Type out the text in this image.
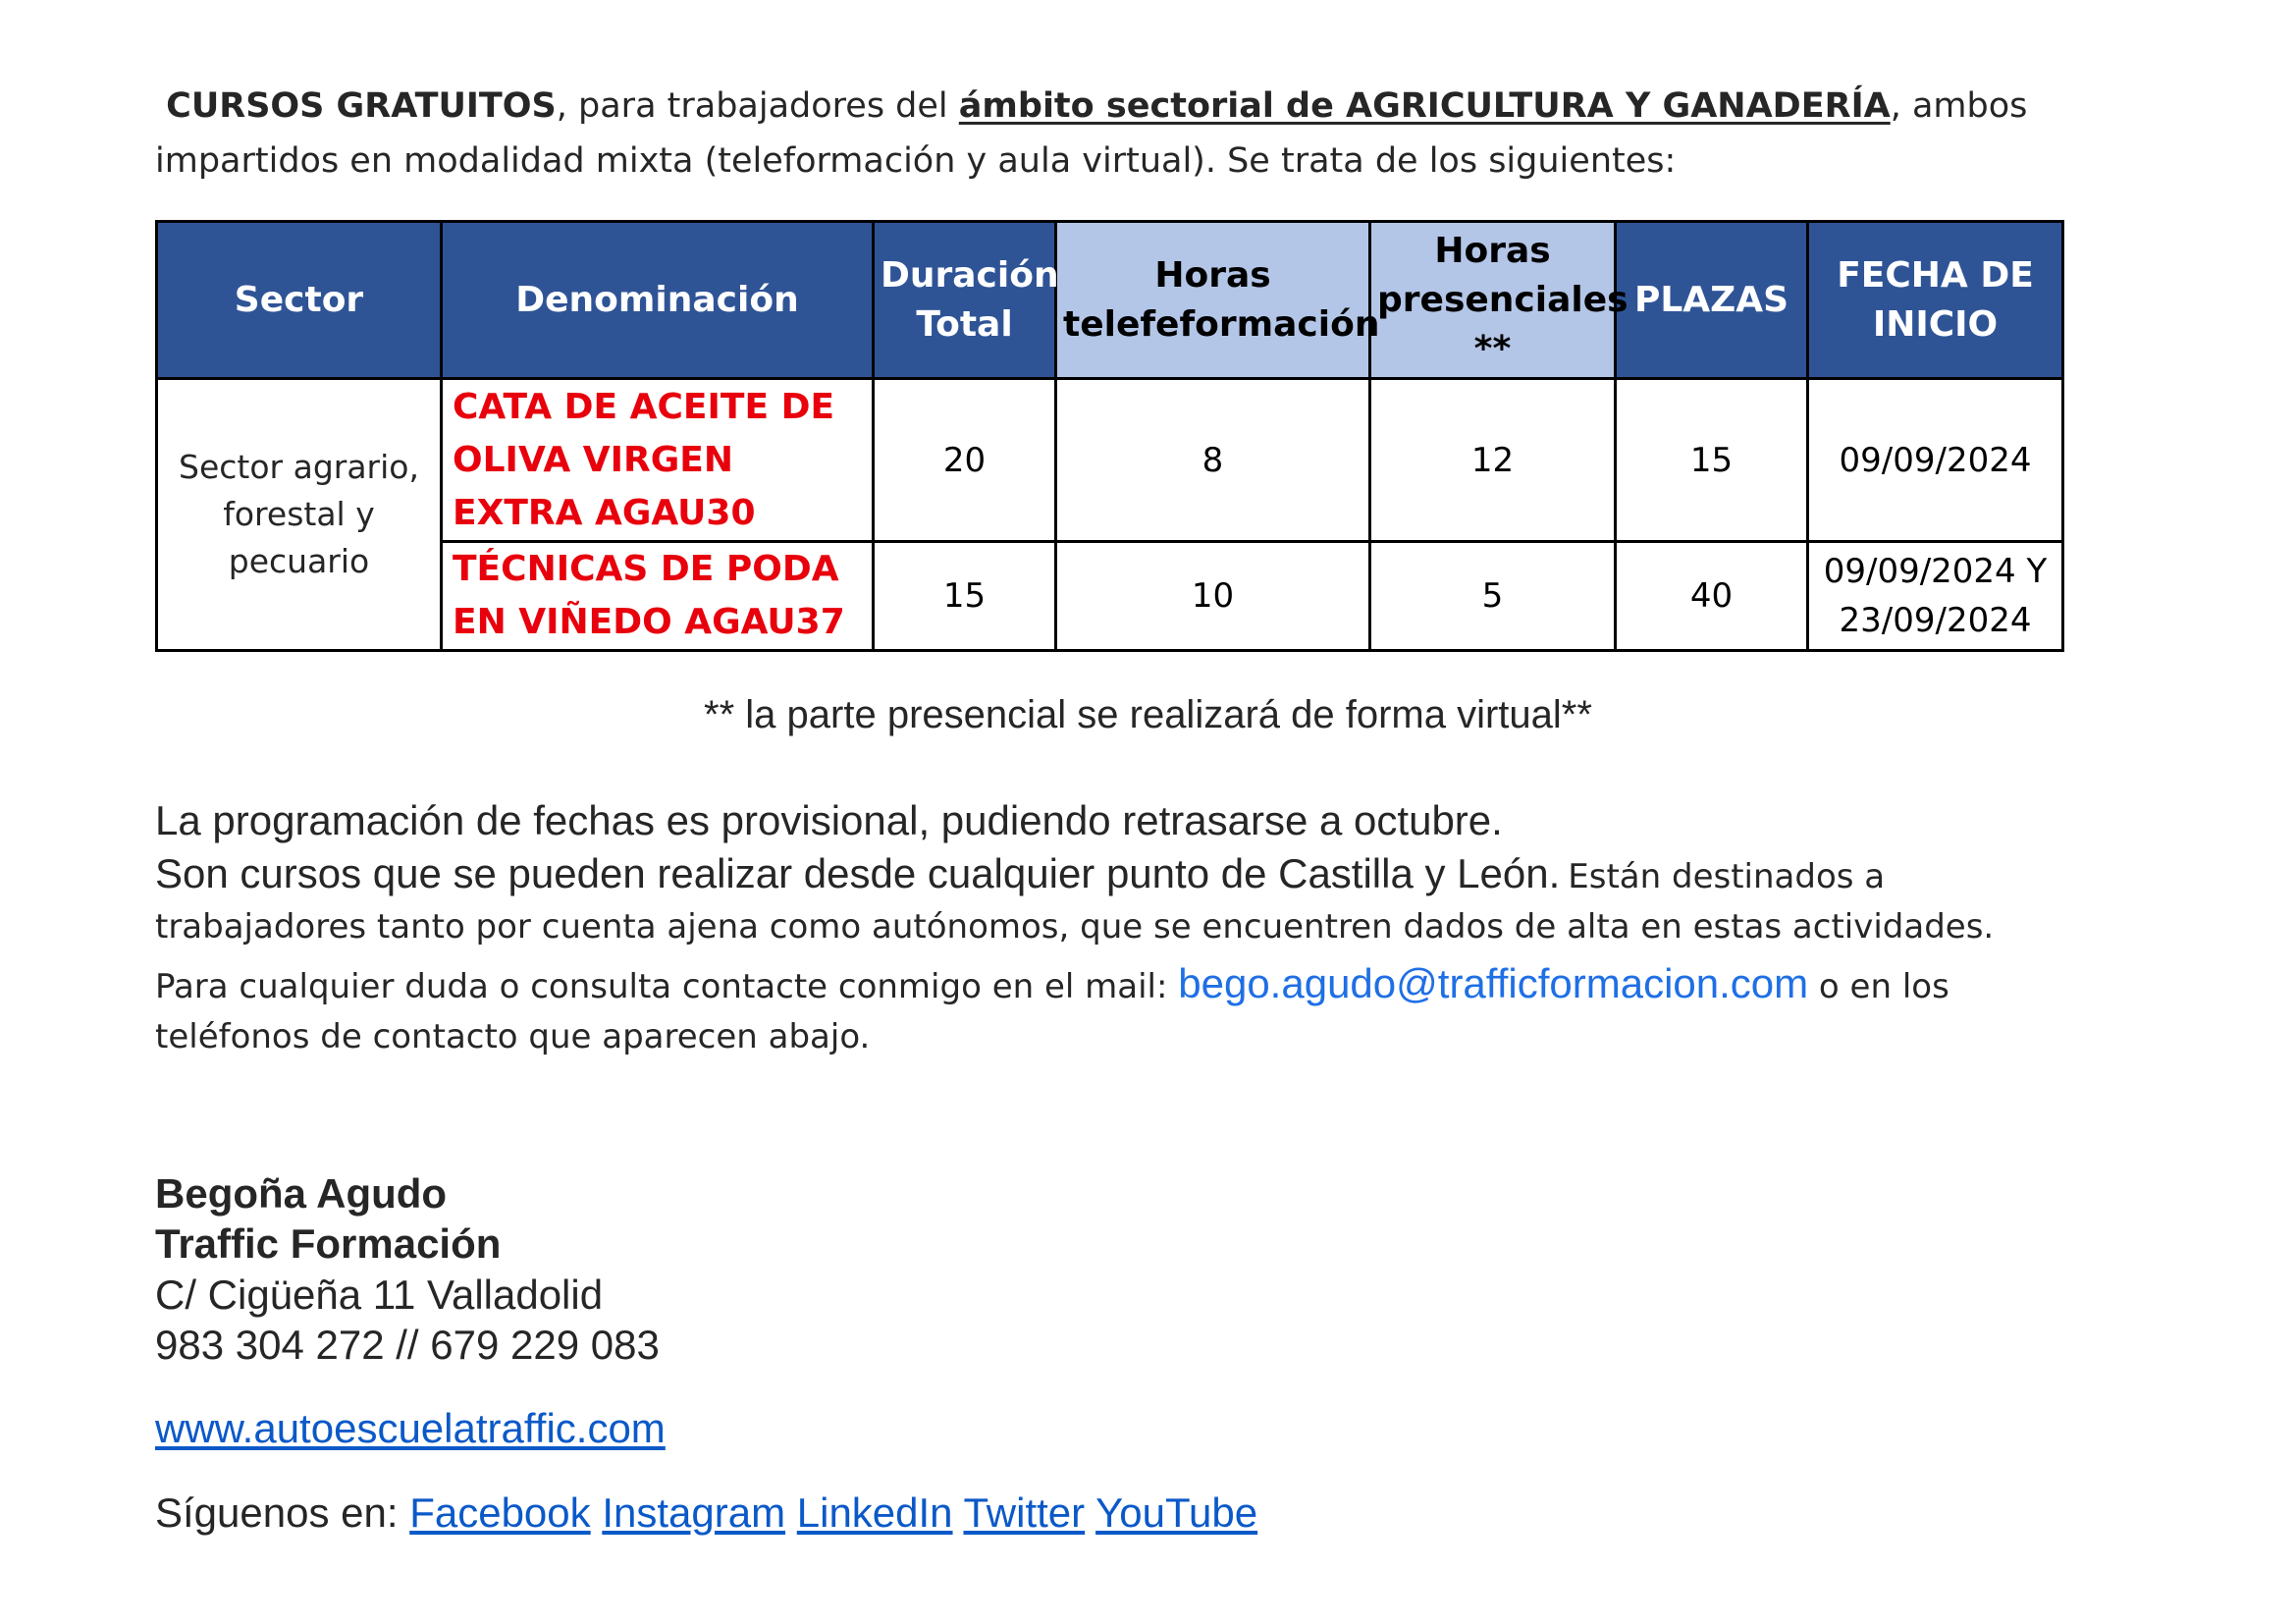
CURSOS GRATUITOS, para trabajadores del ámbito sectorial de AGRICULTURA Y GANADERÍA, ambos
impartidos en modalidad mixta (teleformación y aula virtual). Se trata de los siguientes:
Sector	Denominación	Duración Total	Horas telefeformación	Horas presenciales **	PLAZAS	FECHA DE INICIO
Sector agrario, forestal y pecuario	CATA DE ACEITE DE OLIVA VIRGEN EXTRA AGAU30	20	8	12	15	09/09/2024
	TÉCNICAS DE PODA EN VIÑEDO AGAU37	15	10	5	40	09/09/2024 Y 23/09/2024
** la parte presencial se realizará de forma virtual**
La programación de fechas es provisional, pudiendo retrasarse a octubre.
Son cursos que se pueden realizar desde cualquier punto de Castilla y León. Están destinados a
trabajadores tanto por cuenta ajena como autónomos, que se encuentren dados de alta en estas actividades.
Para cualquier duda o consulta contacte conmigo en el mail: bego.agudo@trafficformacion.com o en los
teléfonos de contacto que aparecen abajo.
Begoña Agudo
Traffic Formación
C/ Cigüeña 11 Valladolid
983 304 272 // 679 229 083
www.autoescuelatraffic.com
Síguenos en: Facebook Instagram LinkedIn Twitter YouTube
